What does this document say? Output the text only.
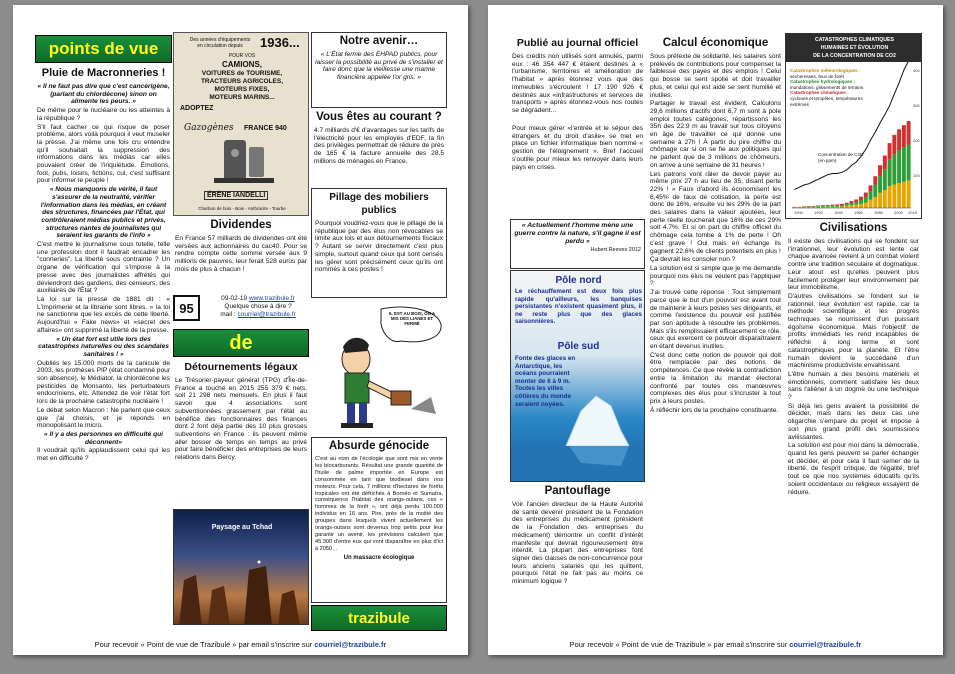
points de vue
Pluie de Macronneries !

« Il ne faut pas dire que c'est cancérigène, (parlant du chlordécone) sinon on alimente les peurs. »

De même pour le nucléaire ou les atteintes à la république ?

S'il faut cacher ce qui risque de poser problème, alors voilà pourquoi il veut museler la presse. J'ai même une fois cru entendre qu'il souhaitait la suppression des informations dans les médias car elles pouvaient créer de l'inquiétude. Émotions, foot, pubs, loisirs, fictions, cul, c'est suffisant pour informer le peuple !

« Nous manquons de vérité, il faut s'assurer de la neutralité, vérifier l'information dans les médias, en créant des structures, financées par l'État, qui contrôleraient médias publics et privés, structures nantes de journalistes qui seraient les garants de l'info »

C'est mettre le journalisme sous tutelle, telle une profession dont il faudrait encadrer les "conneries". La liberté sous contrainte ? Un organe de vérification qui s'impose à la presse avec des journalistes affrétés qui deviendront des gardiens, des censeurs, des auxiliaires de l'État ?

La loi sur la presse de 1881 dit : « L'imprimerie et la librairie sont libres. » la loi ne sanctionne que les excès de cette liberté. Aujourd'hui « Fake news» et «secret des affaires» ont supprimé la liberté de la presse.

« Un état fort est utile lors des catastrophes naturelles ou des scandales sanitaires ! »

Oubliés les 15.000 morts de la canicule de 2003, les prothèses PIP (état condamné pour son absence), le Médiator, la chlordécone les pesticides de Monsanto, les perturbateurs endocriniens, etc. Attendez de voir l'état fort lors de la prochaine catastrophe nucléaire !

Le débat selon Macron : Ne parlent que ceux que j'ai choisis, et je réponds en monopolisant le micro.

« Il y a des personnes en difficulté qui déconnent»

Il voudrait qu'ils applaudissent celui qui les met en difficulté ?

Des années d'équipements
en circulation depuis	1936...
POUR VOS
CAMIONS,
VOITURES de TOURISME,
TRACTEURS AGRICOLES,
MOTEURS FIXES,
MOTEURS MARINS...
ADOPTEZ
Gazogènes FRANCE 940
ÉRÈNE IANDELLI
Charbon de bois - Bois - Anthracite - Tourbe
Dividendes

En France 57 milliards de dividendes ont été versées aux actionnaires du cac40. Pour se rendre compte cette somme versée aux 9 millions de pauvres, leur ferait 528 euros par mois de plus à chacun !

95
09-02-19 www.trazibule.fr
Quelque chose à dire ?
mail : courriel@trazibule.fr
de
Détournements légaux

Le Trésorier-payeur général (TPG) d'Île-de-France a touché en 2015 255 379 € nets, soit 21 298 nets mensuels. En plus il faut savoir que 4 associations sont subventionnées grassement par l'état au bénéfice des fonctionnaires des finances dont 2 font déjà partie des 10 plus grosses subventions en France : ils peuvent même aller bosser de temps en temps au privé pour faire bénéficier des entreprises de leurs relations dans Bercy.

Paysage au Tchad
Notre avenir…

« L'État ferme des EHPAD publics, pour laisser la possibilité au privé de s'installer et faire donc que la vieillesse une manne financière appelée l'or gris. »

Vous êtes au courant ?

4.7 milliards d'€ d'avantages sur les tarifs de l'électricité pour les employés d'EDF, la fin des privilèges permettrait de réduire de près de 165 € la facture annuelle des 28,5 millions de ménages en France.

Pillage des mobiliers publics

Pourquoi voudriez-vous que le pillage de la république par des élus non révocables se limite aux lois et aux détournements fiscaux ? Autant se servir directement c'est plus simple, surtout quand ceux qui sont censés les gérer sont précisément ceux qu'ils ont nommés à ces postes !

IL EST AU BOIS, ON A MIS DES LIANES ET FERMÉ
Absurde génocide

C'est au nom de l'écologie que sont mis en vente les biocarburants. Résultat une grande quantité de l'huile de palme importée en Europe est consommée en tant que biodiesel dans nos moteurs. Pour cela, 7 millions d'hectares de forêts tropicales ont été défrichés à Bornéo et Sumatra, conséquence l'habitat des orangs-outans, ces « hommes de la forêt », ont déjà perdu 100.000 individus en 16 ans. Pire, près de la moitié des groupes dans lesquels vivent actuellement les orangs-outans sont devenus trop petits pour leur garantir un avenir, les prévisions calculent que 45.300 d'entre eux qui vont disparaître en plus d'ici à 2050…

Un massacre écologique
trazibule
Pour recevoir « Point de vue de Trazibule » par email s'inscrire sur courriel@trazibule.fr
Publié au journal officiel

Des crédits non utilisés sont annulés, parmi eux : 46 354 447 € étaient destinés à « l'urbanisme, territoires et amélioration de l'habitat » après étonnez vous que des immeubles s'écroulent ! 17 190 926 € destinés aux «infrastructures et services de transports » après étonnez-vous nos routes se dégradent…

Pour mieux gérer «l'entrée et le séjour des étrangers et du droit d'asile» se met en place un fichier informatique bien nommé « gestion de l'éloignement ». Bref l'accueil s'outille pour mieux les renvoyer dans leurs pays en crises.

« Actuellement l'homme mène une guerre contre la nature, s'il gagne il est perdu »

Hubert Reeves 2012
Pôle nord
Le réchauffement est deux fois plus rapide qu'ailleurs, les banquises persistantes n'existent quasiment plus, il ne reste plus que des glaces saisonnières.
Pôle sud
Fonte des glaces en Antarctique, les océans pourraient monter de 6 à 9 m. Toutes les villes côtières du monde seraient noyées.
Pantouflage

Voir l'ancien directeur de la Haute Autorité de santé devenir président de la Fondation des entreprises du médicament (président de la Fondation des entreprises du médicament) démontre un conflit d'intérêt manifeste qui devrait rigoureusement être interdit. La plupart des entreprises font signer des clauses de non-concurrence pour leurs anciens salariés qui les quittent, pourquoi l'état ne fait pas au moins ce minimum logique ?

Calcul économique

Sous prétexte de solidarité, les salaires sont prélevés de contributions pour compenser la faiblesse des payes et des emplois ! Celui qui bosse se sent spolié et doit travailler plus, et celui qui est aidé se sent humilié et inutiles.

Partager le travail est évident, Calculons 29,6 millions d'actifs dont 6,7 m sont à pole emploi toutes catégories, répartissons les 35h des 22.9 m au travail sur tous citoyens en âge de travailler ce qui donne une semaine à 27h ! À partir du pire chiffre du chômage car si on se fie aux politiques qui ne parlent que de 3 millions de chômeurs, on arrive à une semaine de 31 heures !

Les patrons vont râler de devoir payer au même prix 27 h au lieu de 35, disant perte 22% ! » Faux d'abord ils économisent les 6,45% de taux de cotisation, la perte est donc de 16%, ensuite vu les 29% de la part des salaires dans la valeur ajoutées, leur perte réelle toucherait que 16% de ces 29% soit 4.7%. Et si on part du chiffre officiel du chômage cela tombe à 1% de perte ! Oh c'est grave ! Oui mais en échange ils gagnent 22,6% de clients potentiels en plus !

Ça devrait les consoler non ?

La solution est si simple que je me demande pourquoi nos élus ne veulent pas l'appliquer ?

J'ai trouvé cette réponse : Tout simplement parce que le but d'un pouvoir est avant tout de maintenir à leurs postes ses dirigeants, et comme l'existence du pouvoir est justifiée par son aptitude à résoudre les problèmes. Mais s'ils remplissaient efficacement ce rôle, ceux qui exercent ce pouvoir disparaîtraient en étant devenus inutiles.

C'est donc cette notion de pouvoir qui doit être remplacée par des notions de compétences. Ce que révèle la contradiction entre la limitation du mandat électoral confronté par toutes ces manœuvres complexes des élus pour s'incruster à tout prix à leurs postes.

À réfléchir lors de la prochaine constituante.

CATASTROPHES CLIMATIQUES
HUMAINES ET ÉVOLUTION
DE LA CONCENTRATION DE CO2
Catastrophes météorologiques :
sécheresses, feux de forêt
Catastrophes hydrologiques :
inondations, glissements de terrains
Catastrophes climatiques :
cyclones et tempêtes, températures extrêmes
Concentration de CO2
(en ppm)
1900	1920	1940	1960	1980	2000 2018
400
300
200
100
Civilisations

Il existe des civilisations qui se fondent sur l'irrationnel, leur évolution est lente car chaque avancée revient à un combat violent contre une tradition séculaire et dogmatique. Leur atout est qu'elles peuvent plus facilement protéger leur environnement par leur immobilisme.

D'autres civilisations se fondent sur le rationnel, leur évolution est rapide, car la méthode scientifique et les progrès techniques se nourrissent d'un puissant égoïsme économique. Mais l'objectif de profits immédiats les rend incapables de réfléchir à long terme et sont catastrophiques pour la planète. Et l'être humain devient le succédané d'un machinisme productiviste envahissant.

L'être humain a des besoins matériels et émotionnels, comment satisfaire les deux sans l'aliéner à un dogme ou une technique ?

Si déjà les gens avaient la possibilité de décider, mais dans les deux cas une oligarchie s'empare du projet et impose à son plus grand profit des soumissions avilissantes.

La solution est pour moi dans la démocratie, quand les gens peuvent se parler échanger et décider, et pour cela il faut semer de la liberté, de l'esprit critique, de l'égalité, bref tout ce que nos systèmes éducatifs qu'ils soient occidentaux ou religieux essayent de réduire.

Pour recevoir « Point de vue de Trazibule » par email s'inscrire sur courriel@trazibule.fr
